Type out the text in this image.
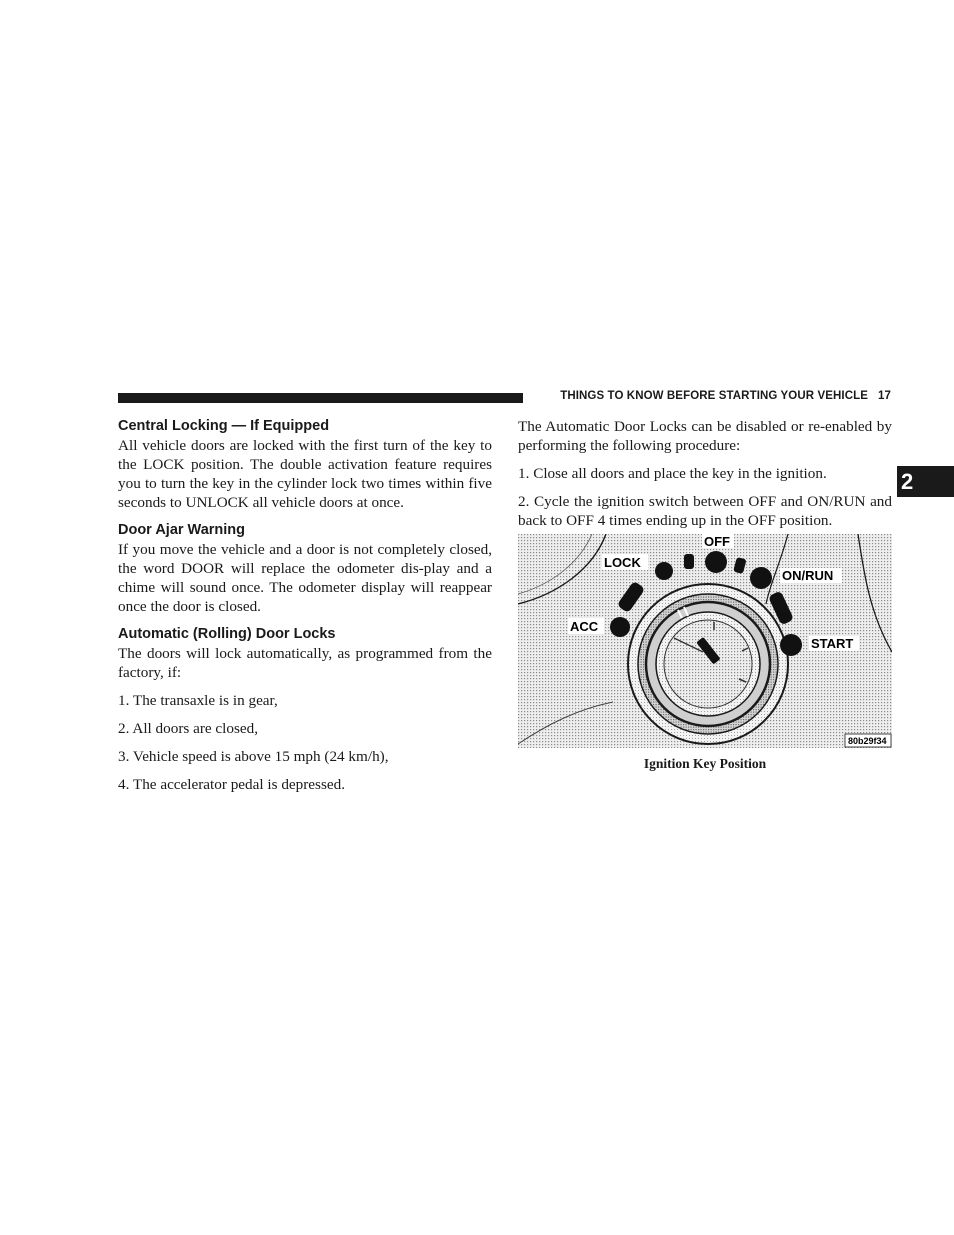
THINGS TO KNOW BEFORE STARTING YOUR VEHICLE 17
2
Central Locking — If Equipped

All vehicle doors are locked with the first turn of the key to the LOCK position. The double activation feature requires you to turn the key in the cylinder lock two times within five seconds to UNLOCK all vehicle doors at once.

Door Ajar Warning

If you move the vehicle and a door is not completely closed, the word DOOR will replace the odometer dis-play and a chime will sound once. The odometer display will reappear once the door is closed.

Automatic (Rolling) Door Locks

The doors will lock automatically, as programmed from the factory, if:

1. The transaxle is in gear,

2. All doors are closed,

3. Vehicle speed is above 15 mph (24 km/h),

4. The accelerator pedal is depressed.

The Automatic Door Locks can be disabled or re-enabled by performing the following procedure:

1. Close all doors and place the key in the ignition.

2. Cycle the ignition switch between OFF and ON/RUN and back to OFF 4 times ending up in the OFF position.

OFF
LOCK
ON/RUN
ACC
START
80b29f34
Ignition Key Position
